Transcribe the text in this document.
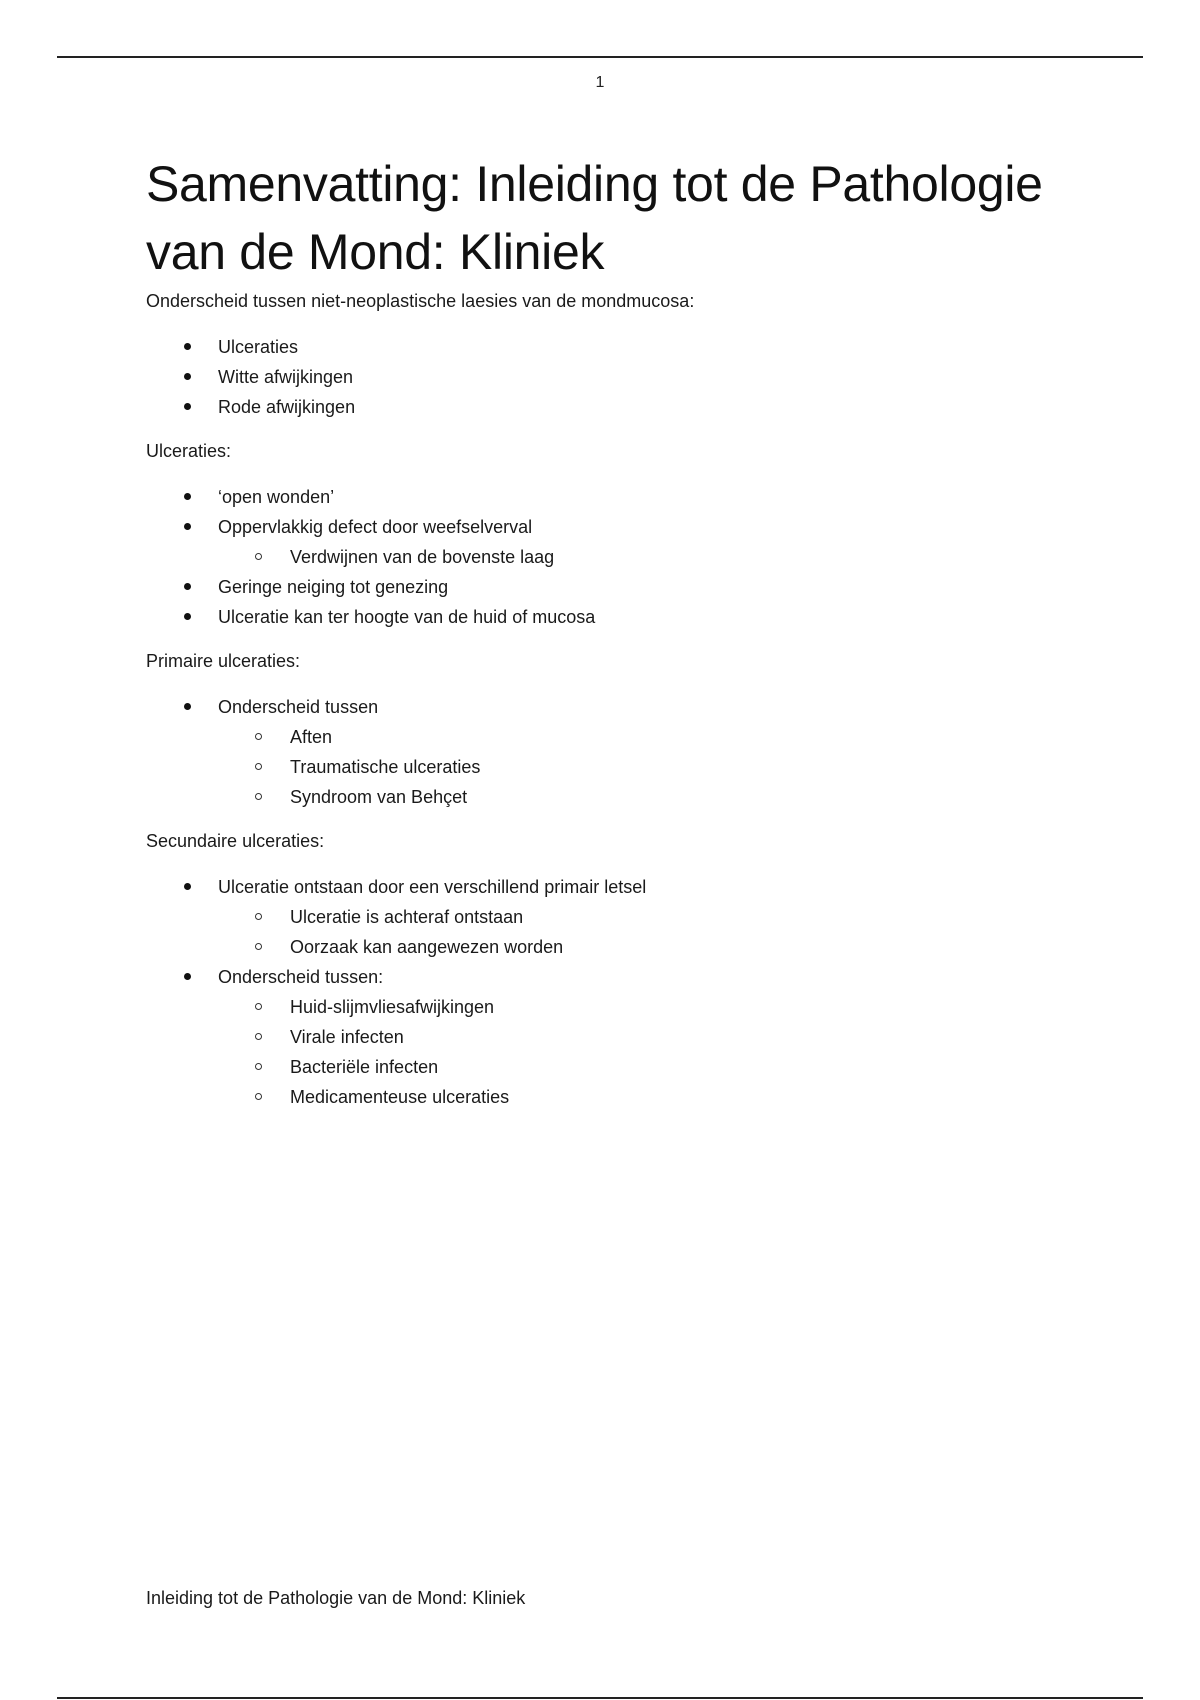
1
Samenvatting: Inleiding tot de Pathologie van de Mond: Kliniek

Onderscheid tussen niet-neoplastische laesies van de mondmucosa:

Ulceraties
Witte afwijkingen
Rode afwijkingen

Ulceraties:

‘open wonden’
Oppervlakkig defect door weefselverval
Verdwijnen van de bovenste laag
Geringe neiging tot genezing
Ulceratie kan ter hoogte van de huid of mucosa

Primaire ulceraties:

Onderscheid tussen
Aften
Traumatische ulceraties
Syndroom van Behçet

Secundaire ulceraties:

Ulceratie ontstaan door een verschillend primair letsel
Ulceratie is achteraf ontstaan
Oorzaak kan aangewezen worden
Onderscheid tussen:
Huid-slijmvliesafwijkingen
Virale infecten
Bacteriële infecten
Medicamenteuse ulceraties
Inleiding tot de Pathologie van de Mond: Kliniek
